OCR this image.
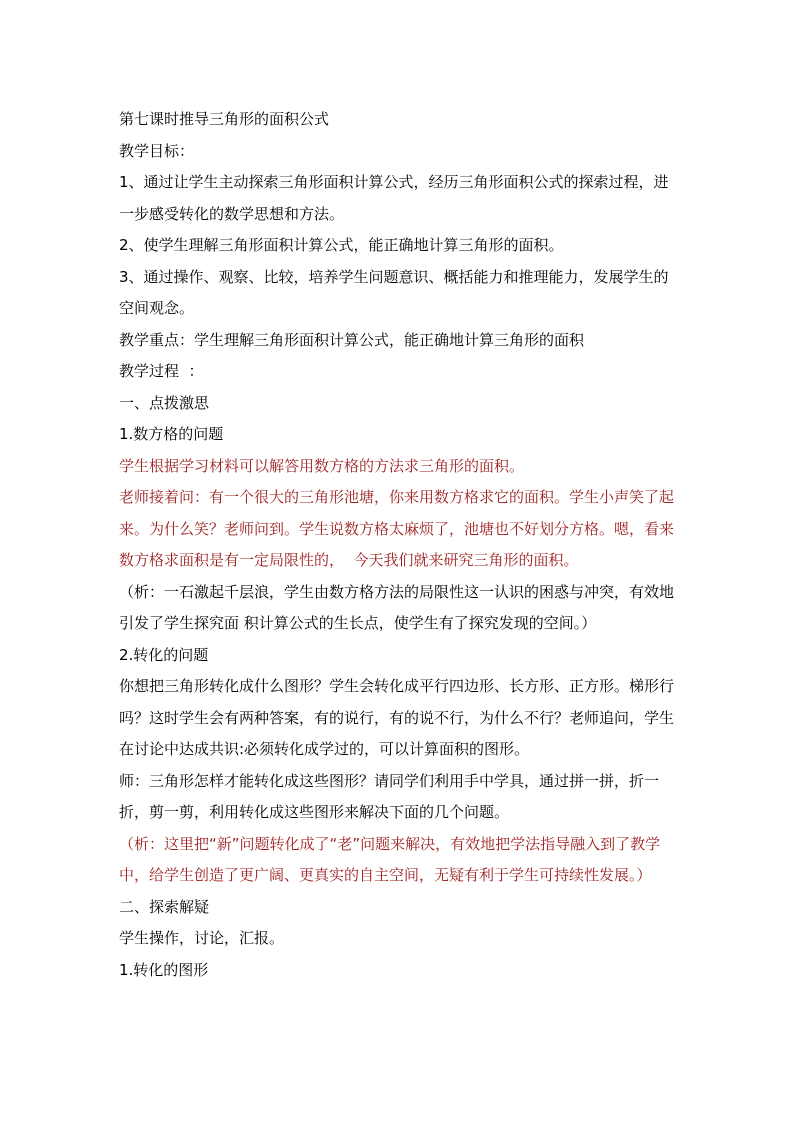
第七课时推导三角形的面积公式

教学目标：

1、通过让学生主动探索三角形面积计算公式，经历三角形面积公式的探索过程，进一步感受转化的数学思想和方法。

2、使学生理解三角形面积计算公式，能正确地计算三角形的面积。

3、通过操作、观察、比较，培养学生问题意识、概括能力和推理能力，发展学生的空间观念。

教学重点：学生理解三角形面积计算公式，能正确地计算三角形的面积

教学过程  ：

一、点拨激思

1.数方格的问题

学生根据学习材料可以解答用数方格的方法求三角形的面积。

老师接着问：有一个很大的三角形池塘，你来用数方格求它的面积。学生小声笑了起来。为什么笑？老师问到。学生说数方格太麻烦了，池塘也不好划分方格。嗯，看来数方格求面积是有一定局限性的，  今天我们就来研究三角形的面积。

（析：一石激起千层浪，学生由数方格方法的局限性这一认识的困惑与冲突，有效地引发了学生探究面 积计算公式的生长点，使学生有了探究发现的空间。）

2.转化的问题

你想把三角形转化成什么图形？学生会转化成平行四边形、长方形、正方形。梯形行吗？这时学生会有两种答案，有的说行，有的说不行，为什么不行？老师追问，学生在讨论中达成共识:必须转化成学过的，可以计算面积的图形。

师：三角形怎样才能转化成这些图形？请同学们利用手中学具，通过拼一拼，折一折，剪一剪，利用转化成这些图形来解决下面的几个问题。

（析：这里把“新”问题转化成了“老”问题来解决，有效地把学法指导融入到了教学中，给学生创造了更广阔、更真实的自主空间，无疑有利于学生可持续性发展。）

二、探索解疑

学生操作，讨论，汇报。

1.转化的图形
